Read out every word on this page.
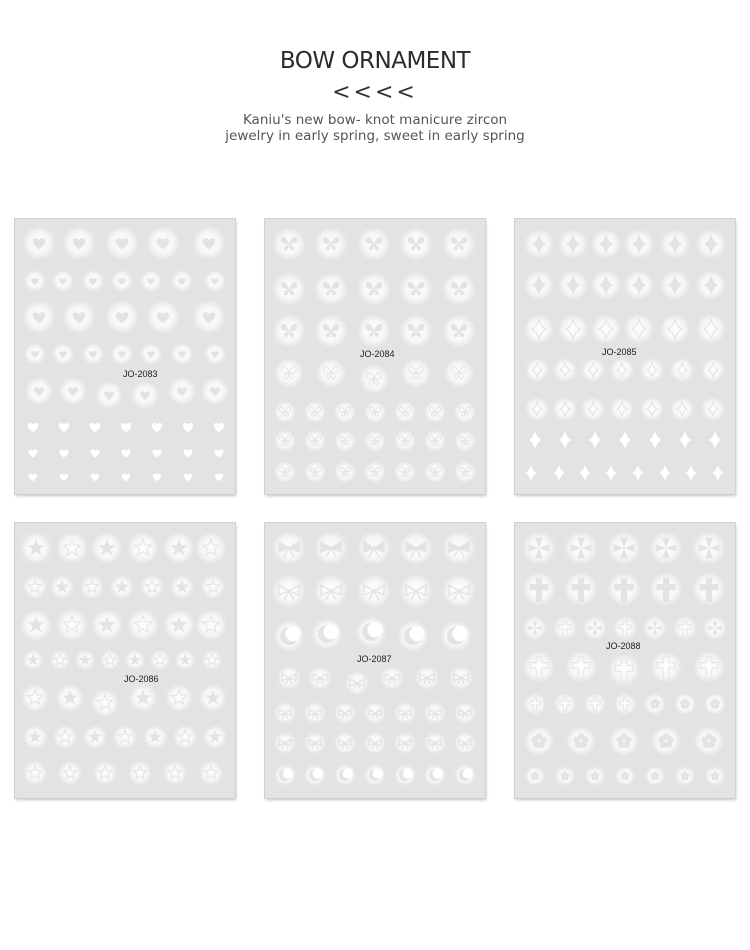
BOW ORNAMENT
<<<<
Kaniu's new bow- knot manicure zircon jewelry in early spring, sweet in early spring
JO-2083
JO-2084	JO-2085
JO-2086
JO-2087
JO-2088
